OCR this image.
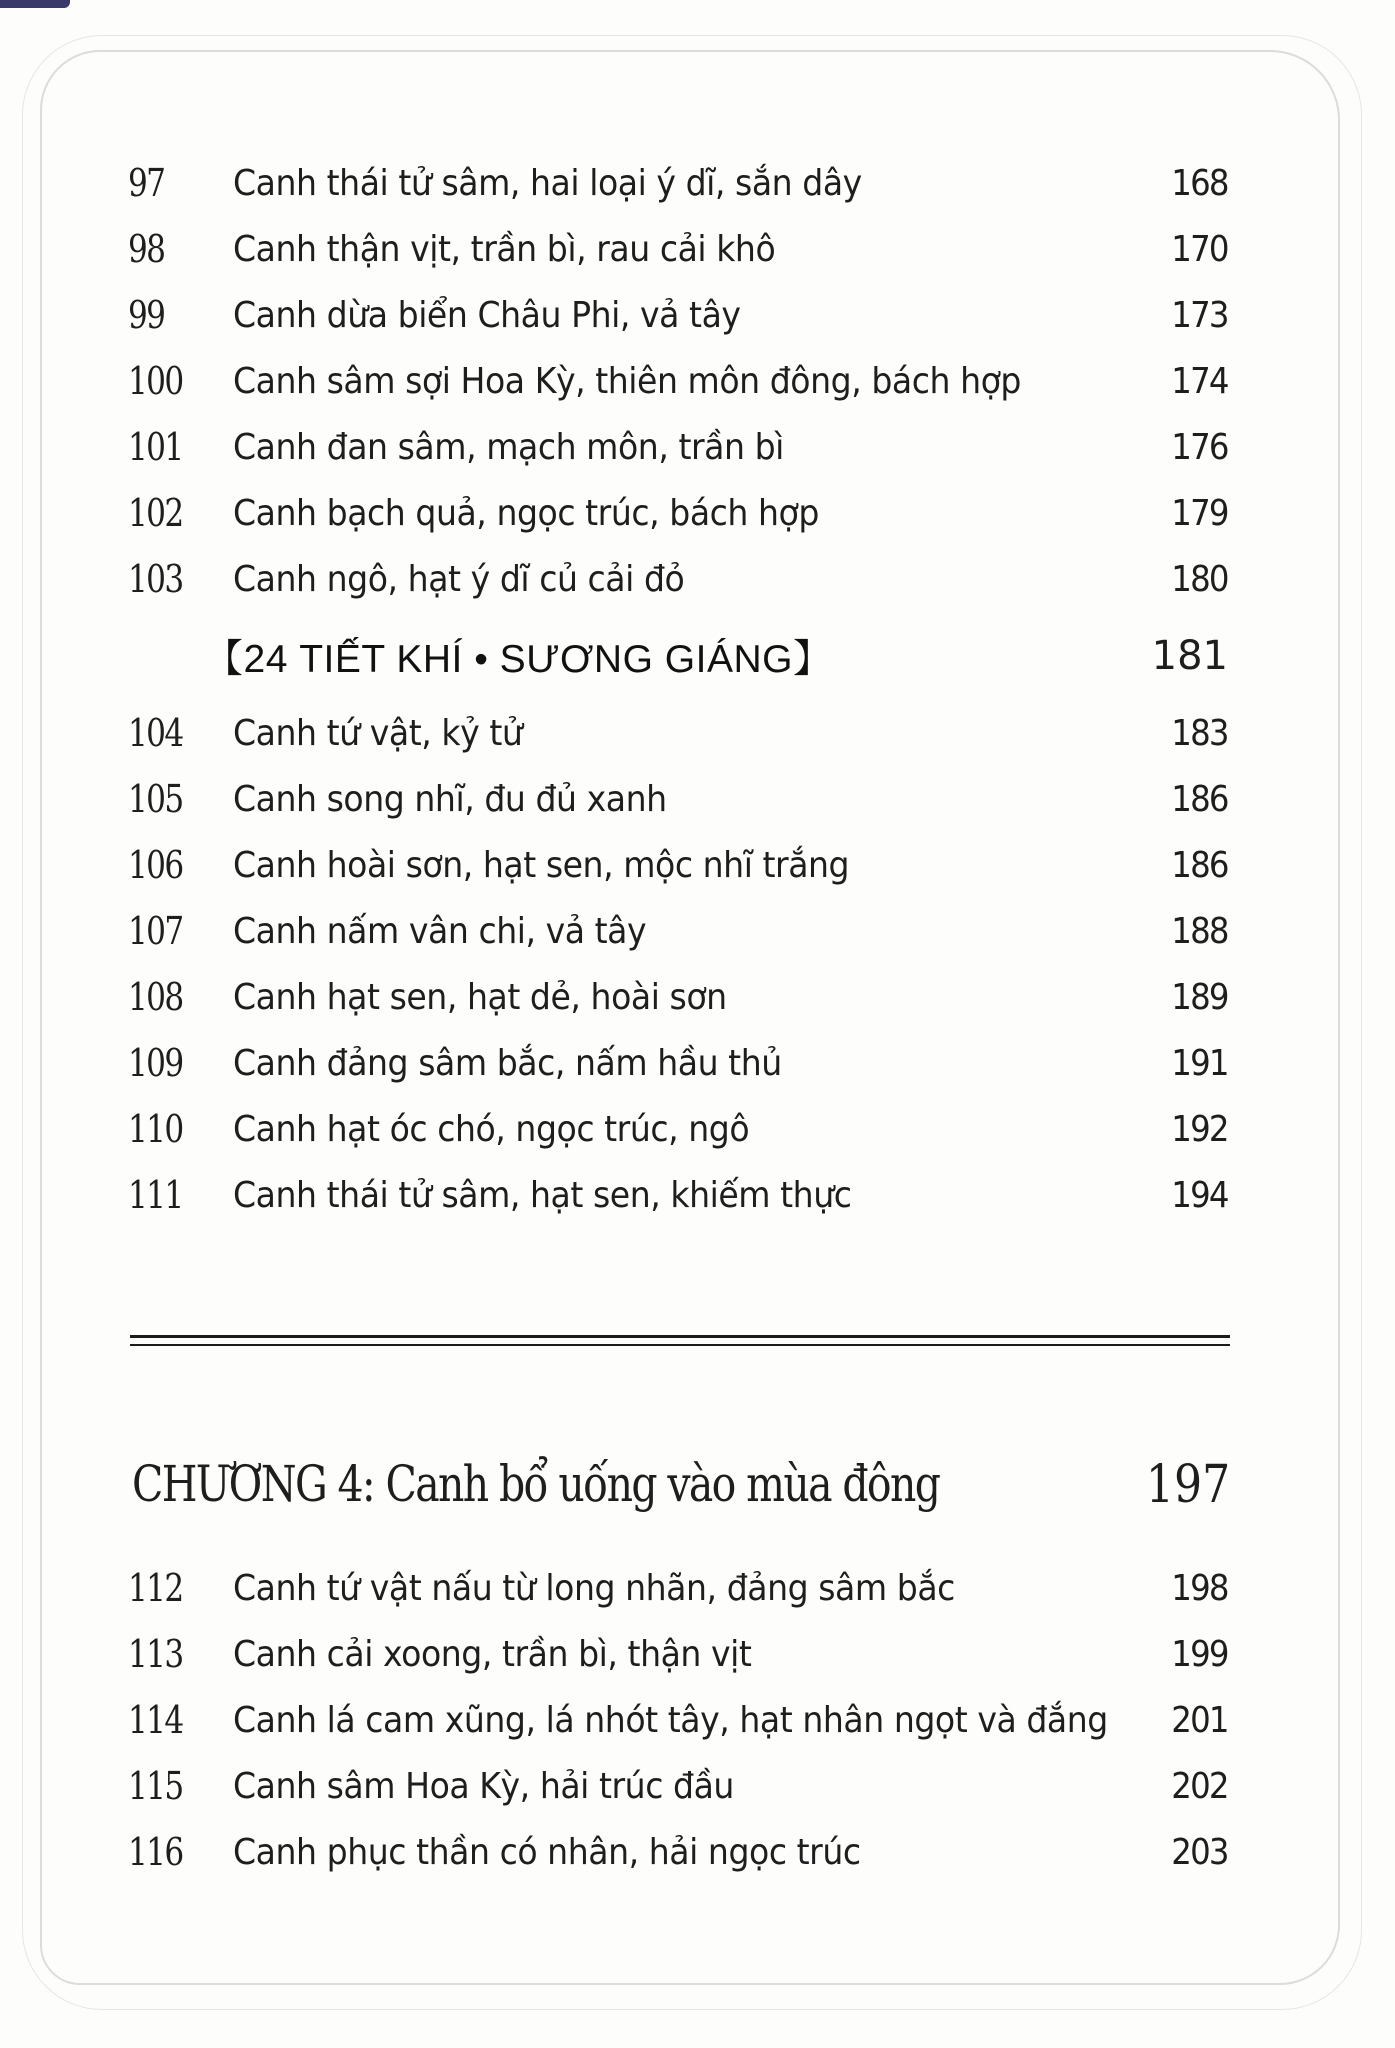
97	Canh thái tử sâm, hai loại ý dĩ, sắn dây	168
98	Canh thận vịt, trần bì, rau cải khô	170
99	Canh dừa biển Châu Phi, vả tây	173
100	Canh sâm sợi Hoa Kỳ, thiên môn đông, bách hợp	174
101	Canh đan sâm, mạch môn, trần bì	176
102	Canh bạch quả, ngọc trúc, bách hợp	179
103	Canh ngô, hạt ý dĩ củ cải đỏ	180
【24 TIẾT KHÍ • SƯƠNG GIÁNG】	181
104	Canh tứ vật, kỷ tử	183
105	Canh song nhĩ, đu đủ xanh	186
106	Canh hoài sơn, hạt sen, mộc nhĩ trắng	186
107	Canh nấm vân chi, vả tây	188
108	Canh hạt sen, hạt dẻ, hoài sơn	189
109	Canh đảng sâm bắc, nấm hầu thủ	191
110	Canh hạt óc chó, ngọc trúc, ngô	192
111	Canh thái tử sâm, hạt sen, khiếm thực	194
CHƯƠNG 4: Canh bổ uống vào mùa đông	197
112	Canh tứ vật nấu từ long nhãn, đảng sâm bắc	198
113	Canh cải xoong, trần bì, thận vịt	199
114	Canh lá cam xũng, lá nhót tây, hạt nhân ngọt và đắng	201
115	Canh sâm Hoa Kỳ, hải trúc đầu	202
116	Canh phục thần có nhân, hải ngọc trúc	203
